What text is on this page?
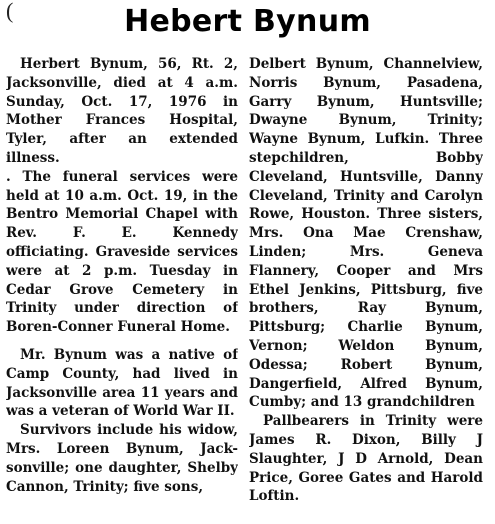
(	Hebert Bynum
Herbert Bynum, 56, Rt. 2,
Jacksonville, died at 4 a.m.
Sunday, Oct. 17, 1976 in
Mother Frances Hospital,
Tyler, after an extended
illness.
. The funeral services were
held at 10 a.m. Oct. 19, in the
Bentro Memorial Chapel with
Rev. F. E. Kennedy
officiating. Graveside services
were at 2 p.m. Tuesday in
Cedar Grove Cemetery in
Trinity under direction of
Boren-Conner Funeral Home.
Mr. Bynum was a native of
Camp County, had lived in
Jacksonville area 11 years and
was a veteran of World War II.
Survivors include his widow,
Mrs. Loreen Bynum, Jack-
sonville; one daughter, Shelby
Cannon, Trinity; five sons,
Delbert Bynum, Channelview,
Norris Bynum, Pasadena,
Garry Bynum, Huntsville;
Dwayne Bynum, Trinity;
Wayne Bynum, Lufkin. Three
stepchildren, Bobby
Cleveland, Huntsville, Danny
Cleveland, Trinity and Carolyn
Rowe, Houston. Three sisters,
Mrs. Ona Mae Crenshaw,
Linden; Mrs. Geneva
Flannery, Cooper and Mrs
Ethel Jenkins, Pittsburg, five
brothers, Ray Bynum,
Pittsburg; Charlie Bynum,
Vernon; Weldon Bynum,
Odessa; Robert Bynum,
Dangerfield, Alfred Bynum,
Cumby; and 13 grandchildren
Pallbearers in Trinity were
James R. Dixon, Billy J
Slaughter, J D Arnold, Dean
Price, Goree Gates and Harold
Loftin.
